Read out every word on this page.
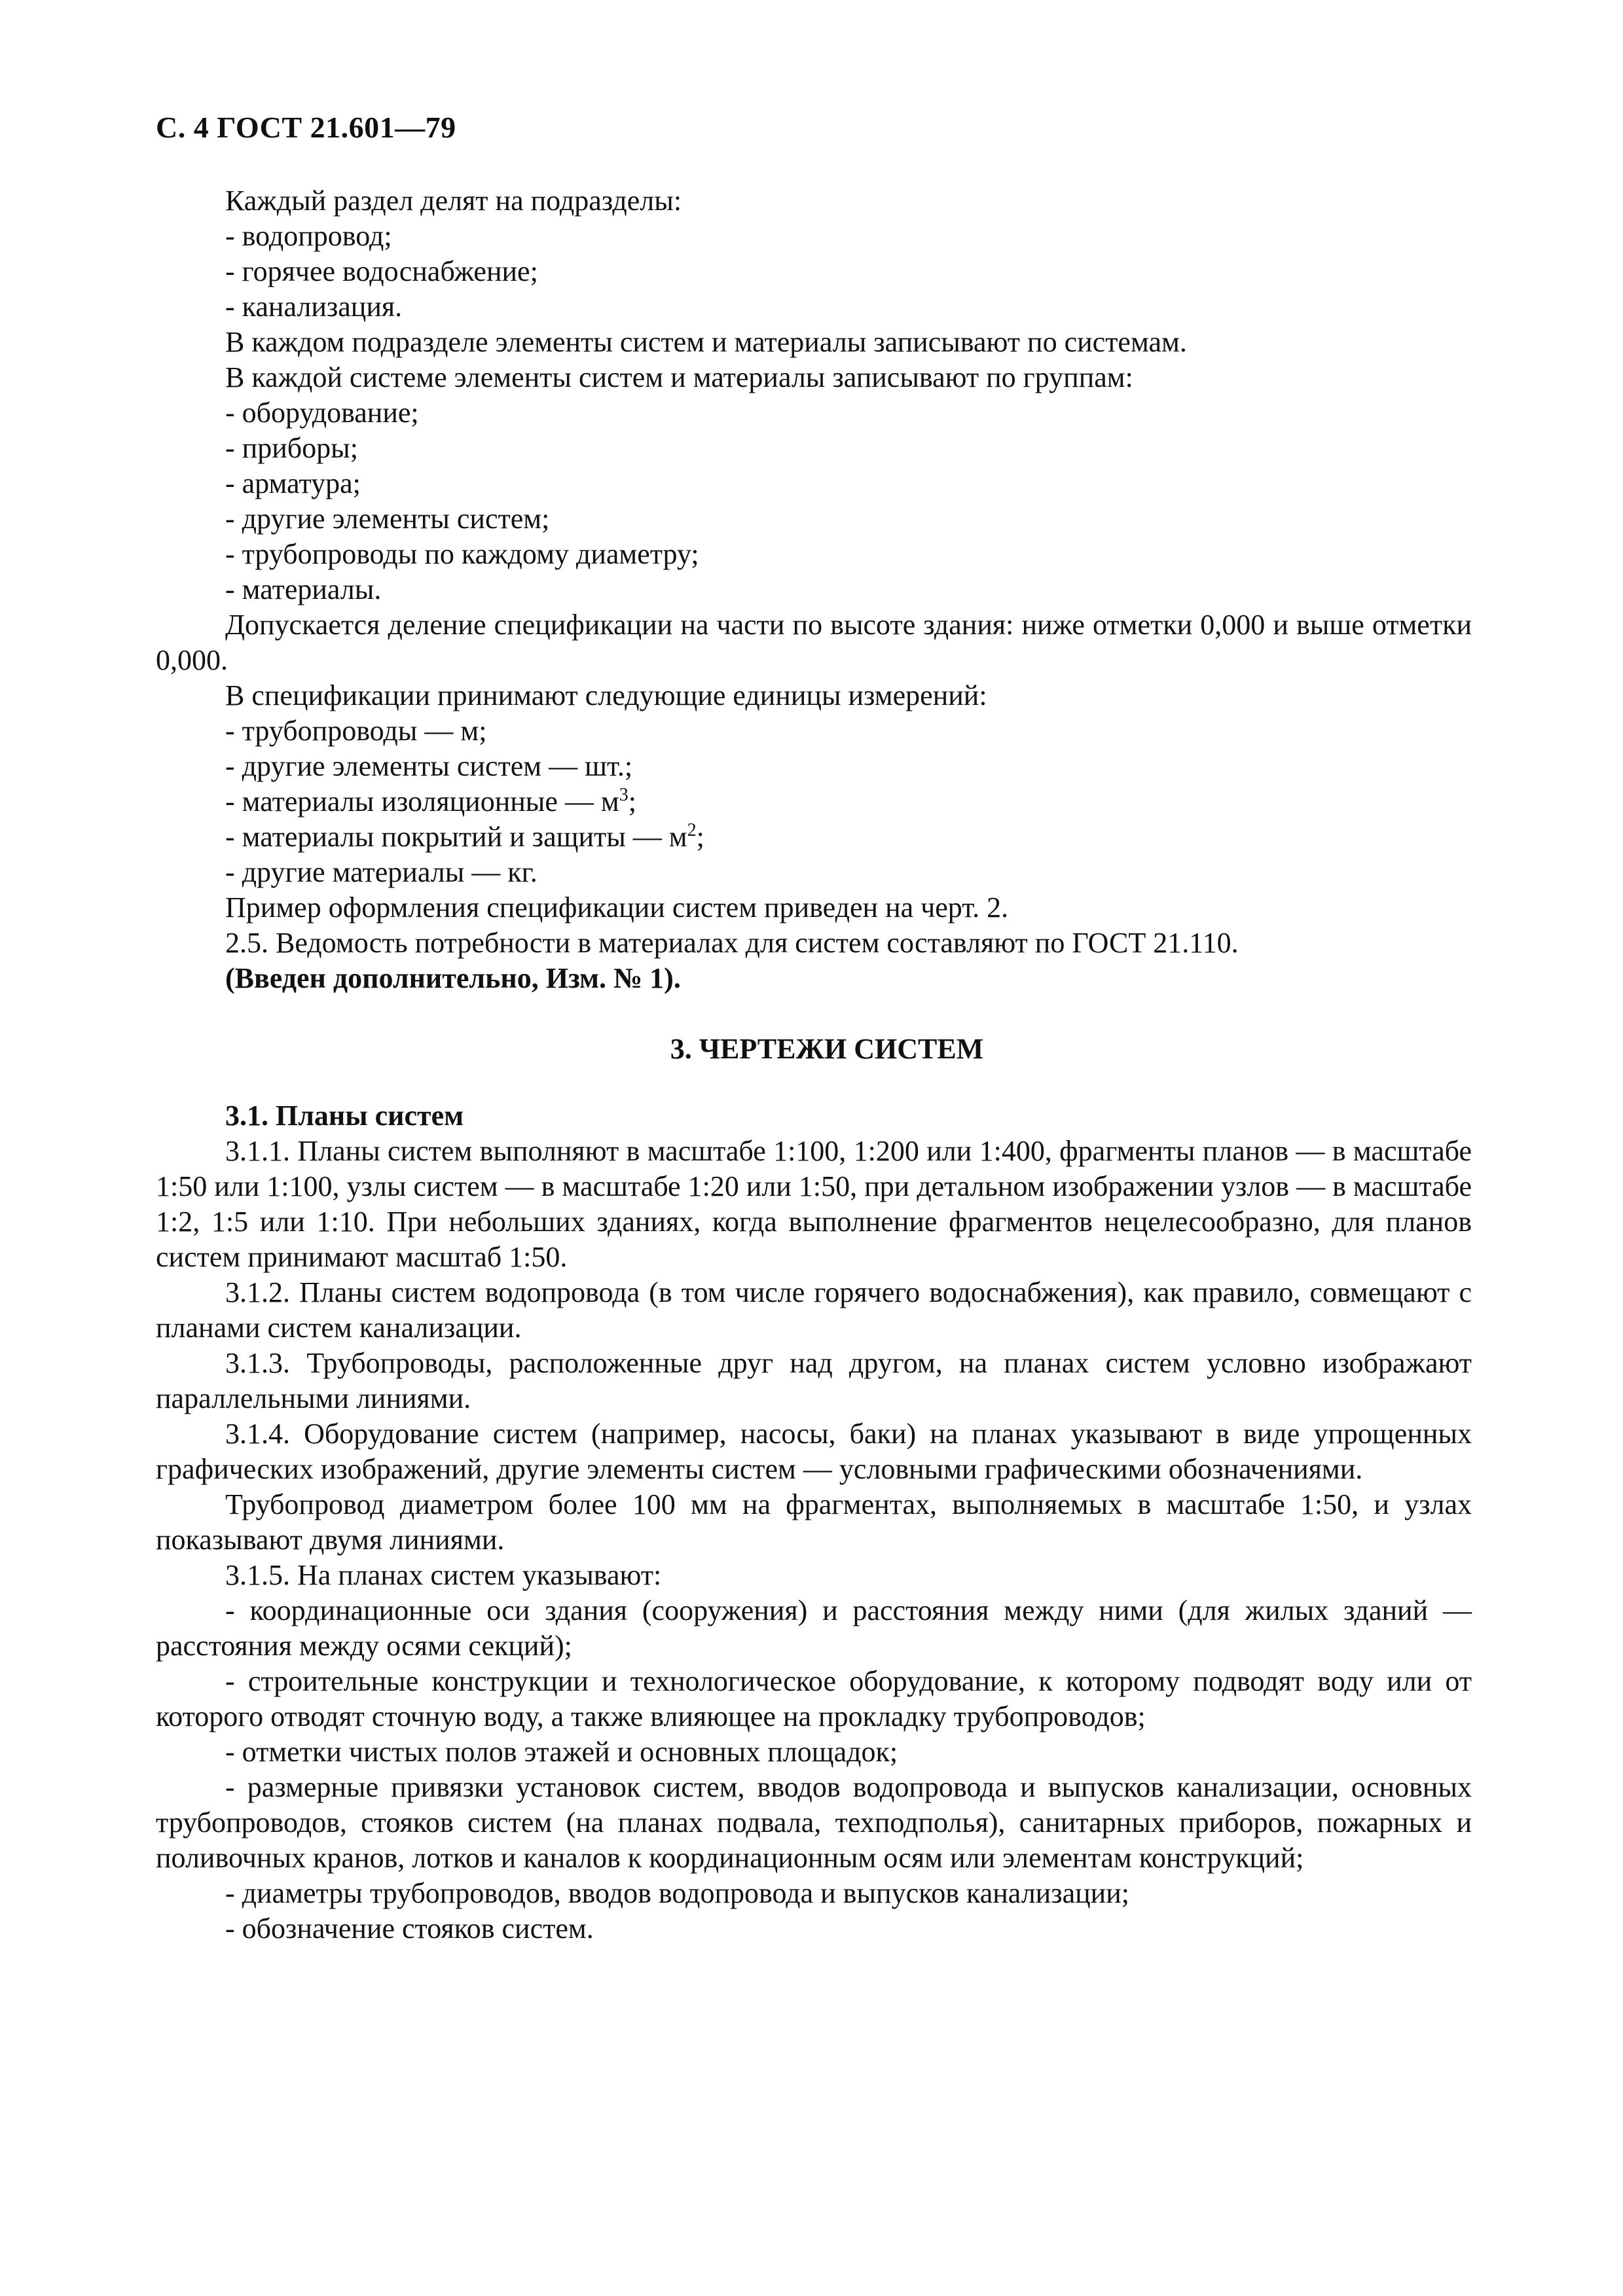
С. 4 ГОСТ 21.601—79

Каждый раздел делят на подразделы:

- водопровод;

- горячее водоснабжение;

- канализация.

В каждом подразделе элементы систем и материалы записывают по системам.

В каждой системе элементы систем и материалы записывают по группам:

- оборудование;

- приборы;

- арматура;

- другие элементы систем;

- трубопроводы по каждому диаметру;

- материалы.

Допускается деление спецификации на части по высоте здания: ниже отметки 0,000 и выше отметки 0,000.

В спецификации принимают следующие единицы измерений:

- трубопроводы — м;

- другие элементы систем — шт.;

- материалы изоляционные — $м^3$;

- материалы покрытий и защиты — $м^2$;

- другие материалы — кг.

Пример оформления спецификации систем приведен на черт. 2.

2.5. Ведомость потребности в материалах для систем составляют по ГОСТ 21.110.

(Введен дополнительно, Изм. № 1).

3. ЧЕРТЕЖИ СИСТЕМ

3.1. Планы систем

3.1.1. Планы систем выполняют в масштабе 1:100, 1:200 или 1:400, фрагменты планов — в масштабе 1:50 или 1:100, узлы систем — в масштабе 1:20 или 1:50, при детальном изображении узлов — в масштабе 1:2, 1:5 или 1:10. При небольших зданиях, когда выполнение фрагментов нецелесообразно, для планов систем принимают масштаб 1:50.

3.1.2. Планы систем водопровода (в том числе горячего водоснабжения), как правило, совмещают с планами систем канализации.

3.1.3. Трубопроводы, расположенные друг над другом, на планах систем условно изображают параллельными линиями.

3.1.4. Оборудование систем (например, насосы, баки) на планах указывают в виде упрощенных графических изображений, другие элементы систем — условными графическими обозначениями.

Трубопровод диаметром более 100 мм на фрагментах, выполняемых в масштабе 1:50, и узлах показывают двумя линиями.

3.1.5. На планах систем указывают:

- координационные оси здания (сооружения) и расстояния между ними (для жилых зданий — расстояния между осями секций);

- строительные конструкции и технологическое оборудование, к которому подводят воду или от которого отводят сточную воду, а также влияющее на прокладку трубопроводов;

- отметки чистых полов этажей и основных площадок;

- размерные привязки установок систем, вводов водопровода и выпусков канализации, основных трубопроводов, стояков систем (на планах подвала, техподполья), санитарных приборов, пожарных и поливочных кранов, лотков и каналов к координационным осям или элементам конструкций;

- диаметры трубопроводов, вводов водопровода и выпусков канализации;

- обозначение стояков систем.
